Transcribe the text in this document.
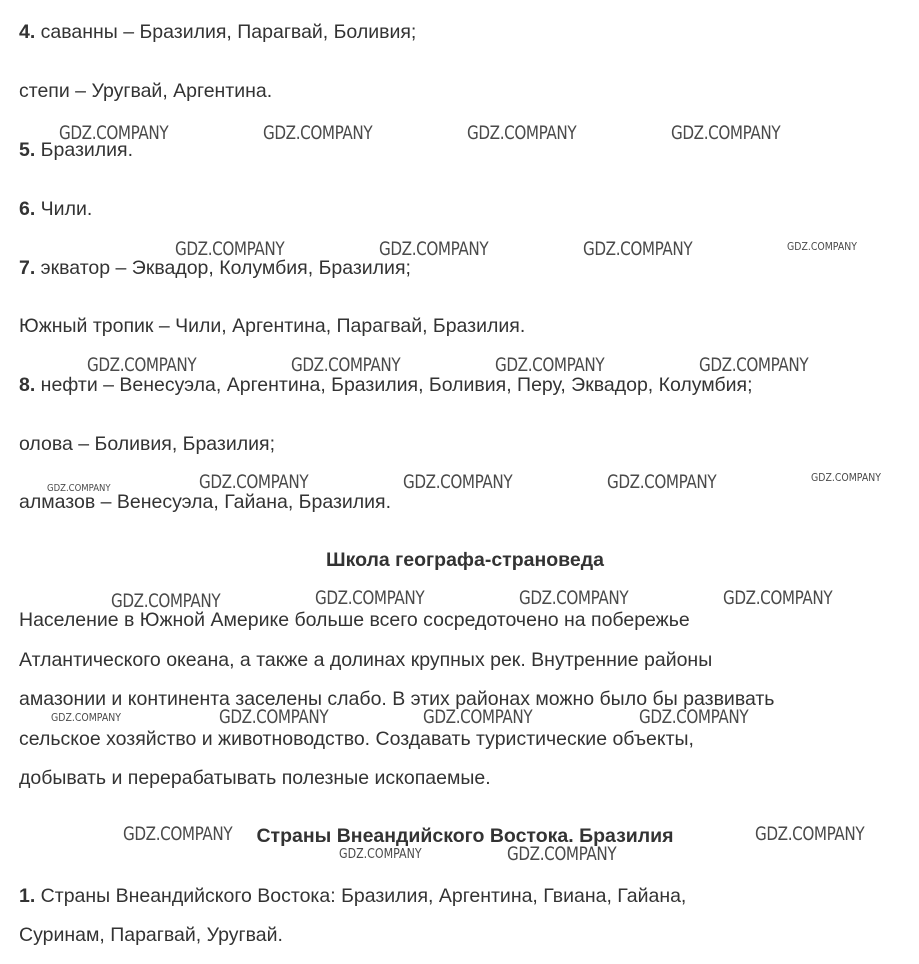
4. саванны – Бразилия, Парагвай, Боливия;
степи – Уругвай, Аргентина.
5. Бразилия.
6. Чили.
7. экватор – Эквадор, Колумбия, Бразилия;
Южный тропик – Чили, Аргентина, Парагвай, Бразилия.
8. нефти – Венесуэла, Аргентина, Бразилия, Боливия, Перу, Эквадор, Колумбия;
олова – Боливия, Бразилия;
алмазов – Венесуэла, Гайана, Бразилия.
Школа географа-страноведа
Население в Южной Америке больше всего сосредоточено на побережье
Атлантического океана, а также а долинах крупных рек. Внутренние районы
амазонии и континента заселены слабо. В этих районах можно было бы развивать
сельское хозяйство и животноводство. Создавать туристические объекты,
добывать и перерабатывать полезные ископаемые.
Страны Внеандийского Востока. Бразилия
1. Страны Внеандийского Востока: Бразилия, Аргентина, Гвиана, Гайана,
Суринам, Парагвай, Уругвай.
GDZ.COMPANY	GDZ.COMPANY	GDZ.COMPANY	GDZ.COMPANY
GDZ.COMPANY	GDZ.COMPANY	GDZ.COMPANY	GDZ.COMPANY
GDZ.COMPANY	GDZ.COMPANY	GDZ.COMPANY	GDZ.COMPANY
GDZ.COMPANY	GDZ.COMPANY	GDZ.COMPANY	GDZ.COMPANY
GDZ.COMPANY
GDZ.COMPANY	GDZ.COMPANY	GDZ.COMPANY	GDZ.COMPANY
GDZ.COMPANY	GDZ.COMPANY	GDZ.COMPANY	GDZ.COMPANY
GDZ.COMPANY
GDZ.COMPANY	GDZ.COMPANY
GDZ.COMPANY
